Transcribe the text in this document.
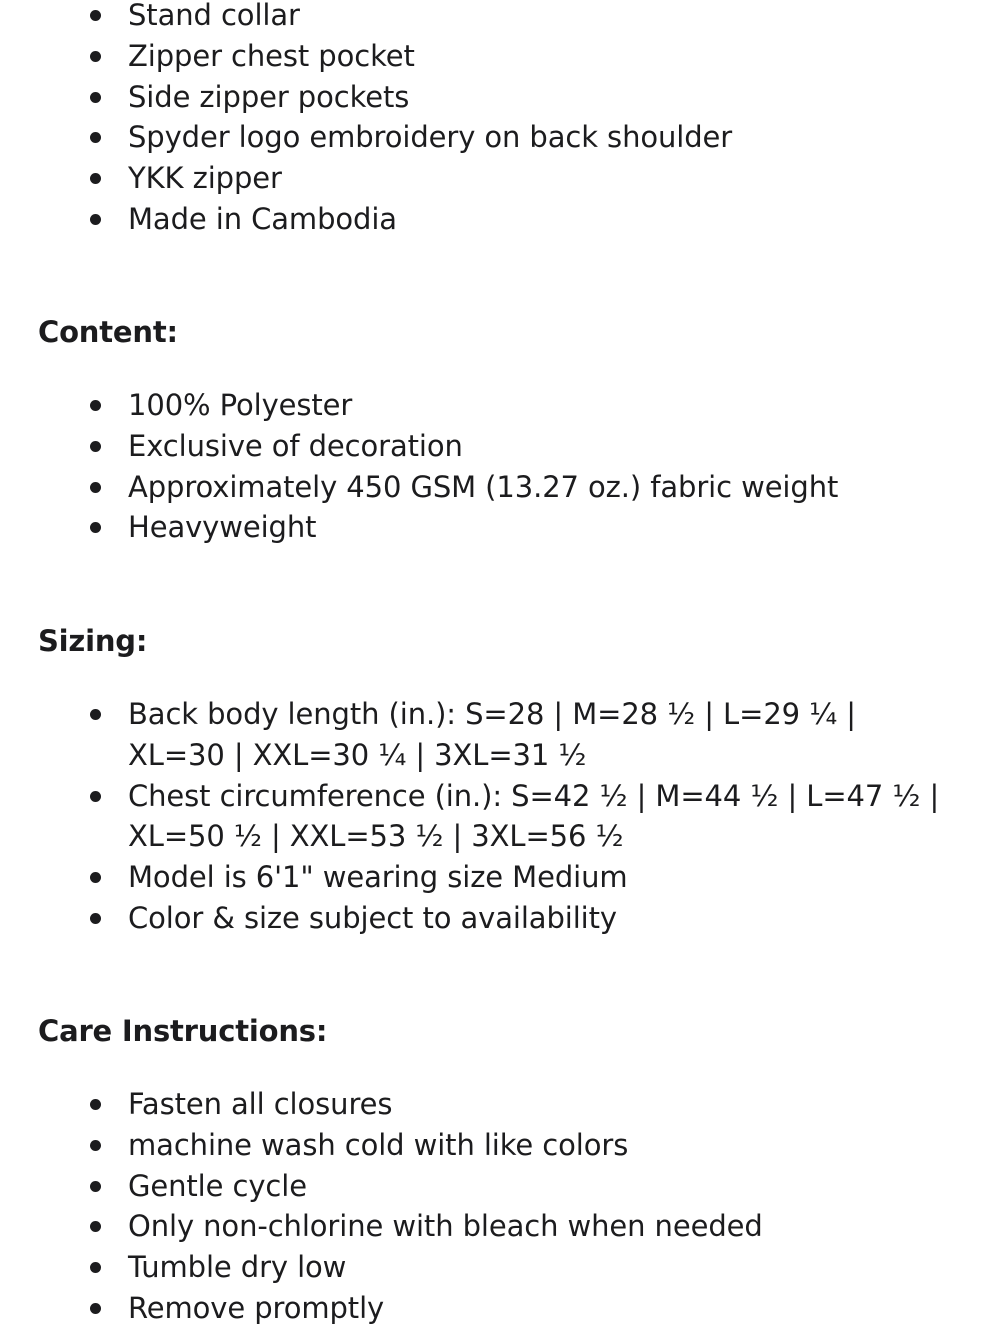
Stand collar
Zipper chest pocket
Side zipper pockets
Spyder logo embroidery on back shoulder
YKK zipper
Made in Cambodia
Content:
100% Polyester
Exclusive of decoration
Approximately 450 GSM (13.27 oz.) fabric weight
Heavyweight
Sizing:
Back body length (in.): S=28 | M=28 ½ | L=29 ¼ |
XL=30 | XXL=30 ¼ | 3XL=31 ½
Chest circumference (in.): S=42 ½ | M=44 ½ | L=47 ½ |
XL=50 ½ | XXL=53 ½ | 3XL=56 ½
Model is 6'1" wearing size Medium
Color & size subject to availability
Care Instructions:
Fasten all closures
machine wash cold with like colors
Gentle cycle
Only non-chlorine with bleach when needed
Tumble dry low
Remove promptly
